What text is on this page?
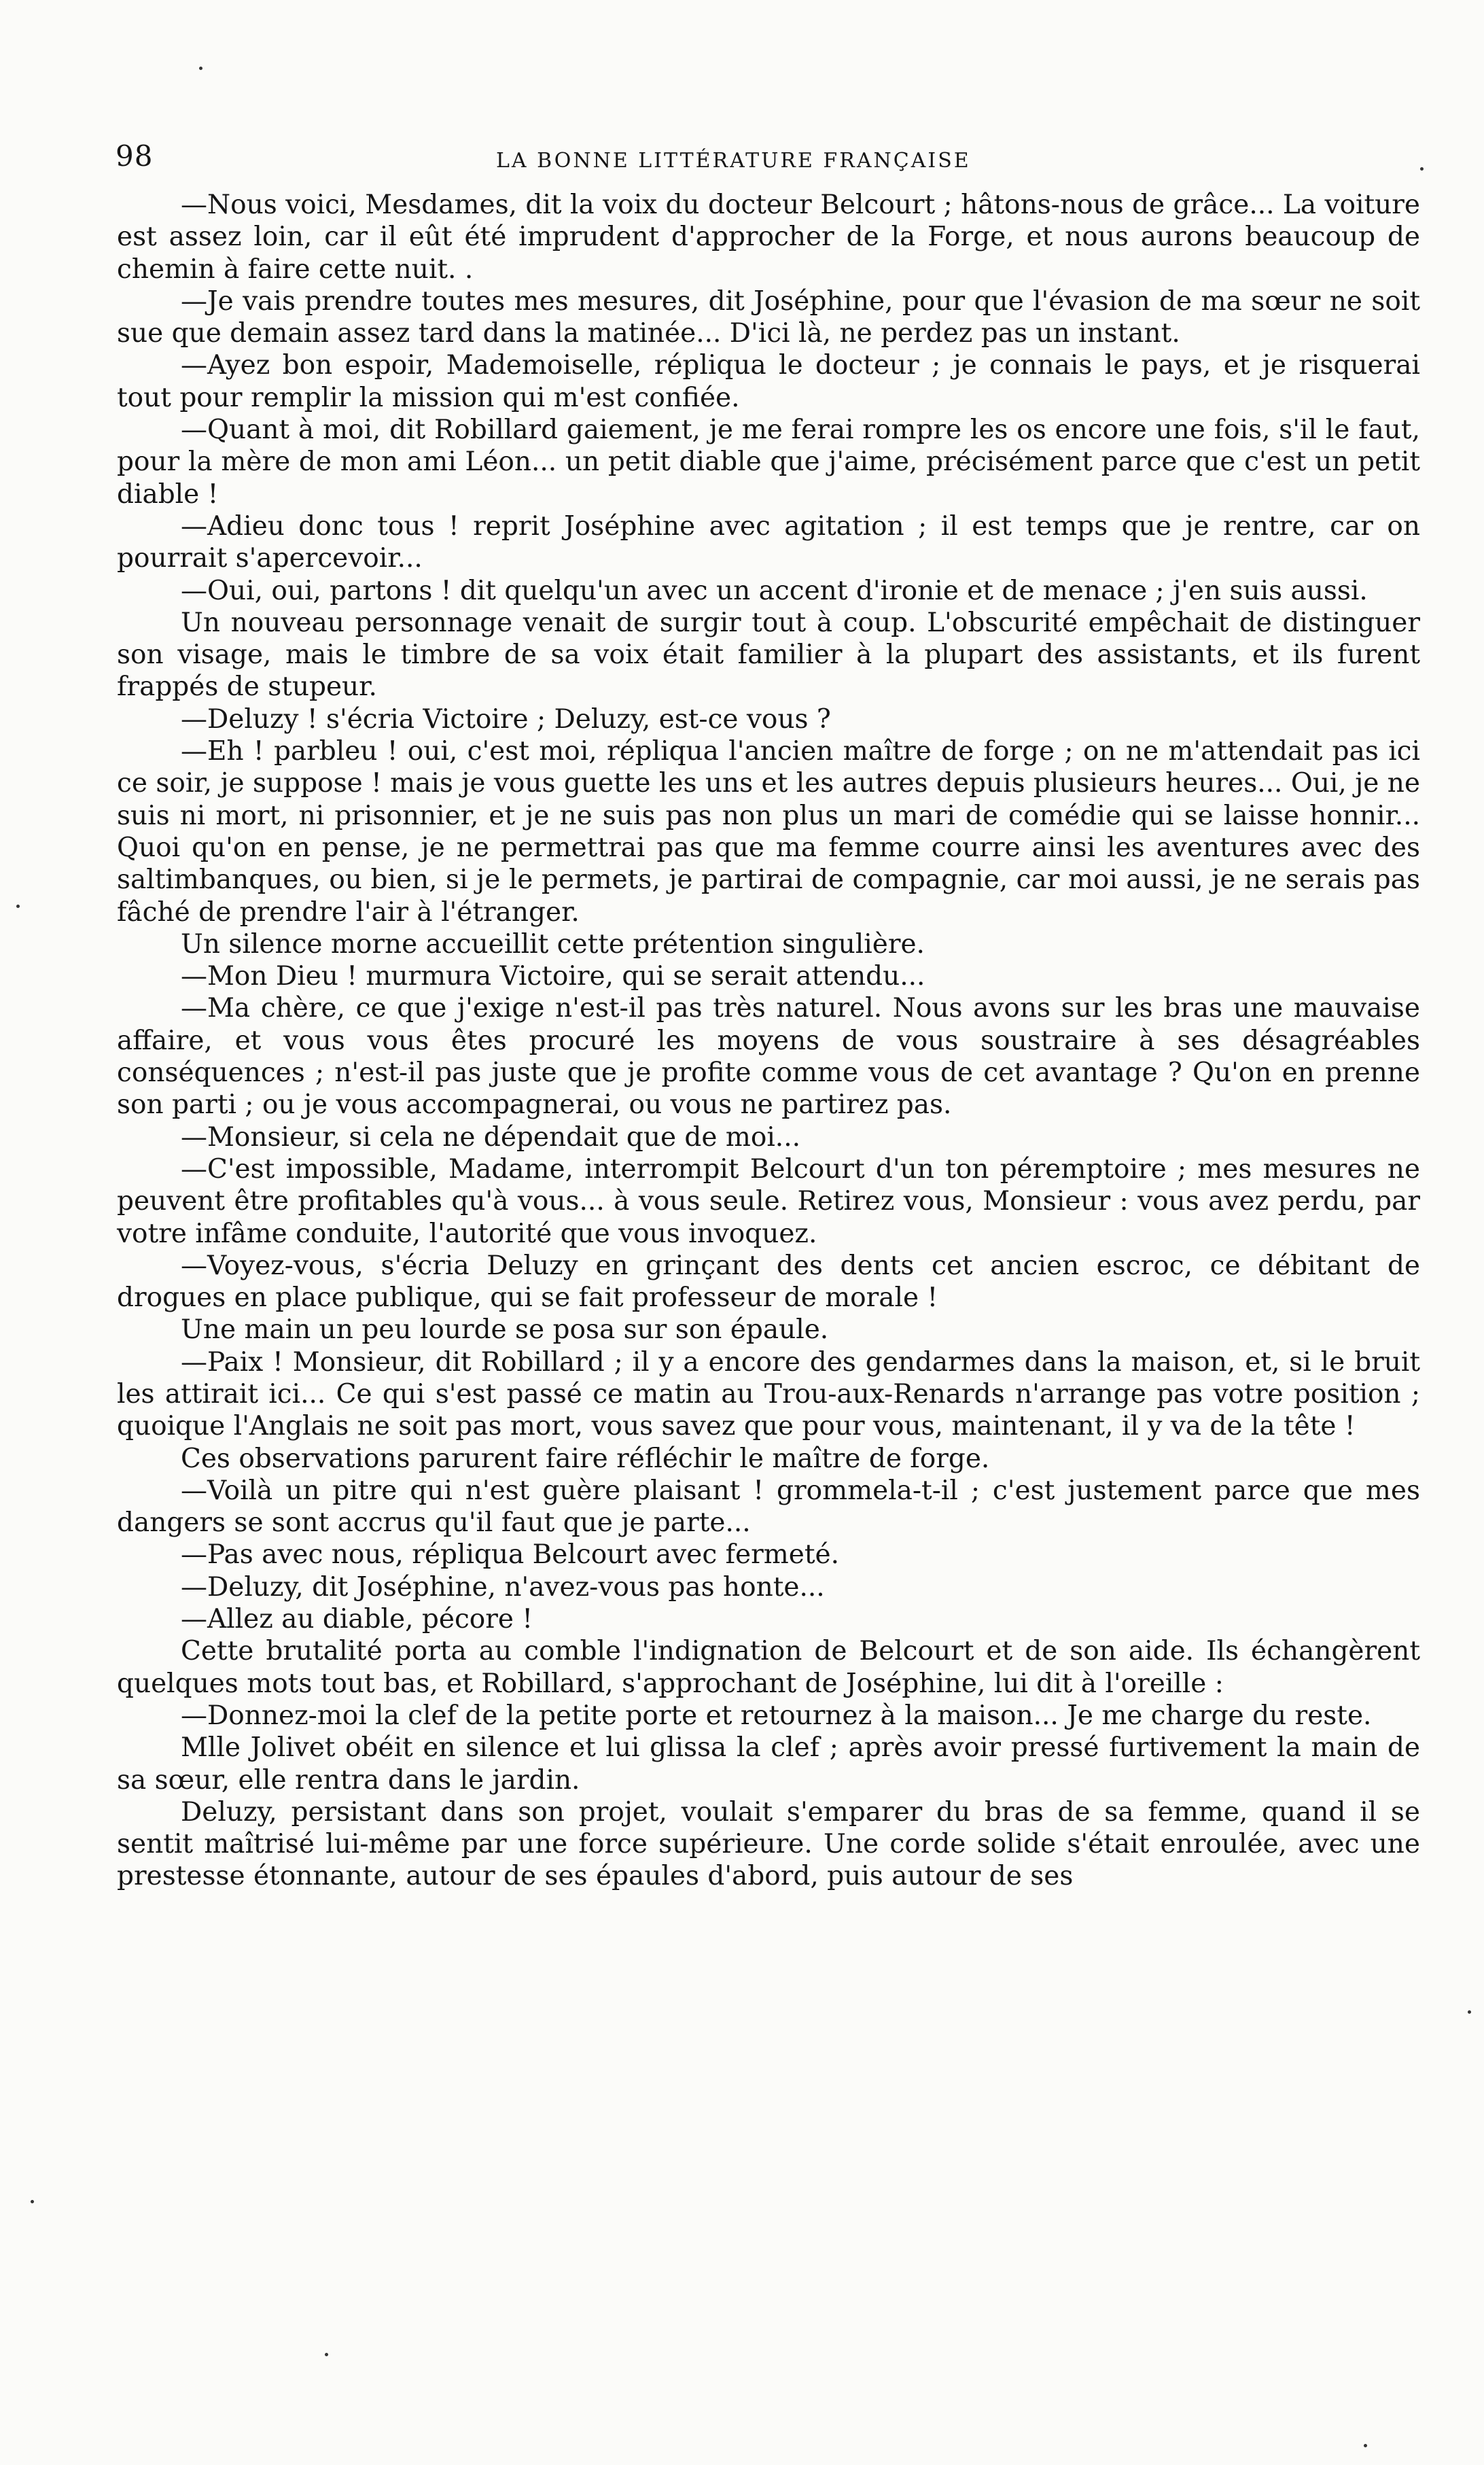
98	LA BONNE LITTÉRATURE FRANÇAISE

—Nous voici, Mesdames, dit la voix du docteur Belcourt ; hâtons-nous de grâce... La voiture est assez loin, car il eût été imprudent d'approcher de la Forge, et nous aurons beaucoup de chemin à faire cette nuit. .

—Je vais prendre toutes mes mesures, dit Joséphine, pour que l'évasion de ma sœur ne soit sue que demain assez tard dans la matinée... D'ici là, ne perdez pas un instant.

—Ayez bon espoir, Mademoiselle, répliqua le docteur ; je connais le pays, et je risquerai tout pour remplir la mission qui m'est confiée.

—Quant à moi, dit Robillard gaiement, je me ferai rompre les os encore une fois, s'il le faut, pour la mère de mon ami Léon... un petit diable que j'aime, précisément parce que c'est un petit diable !

—Adieu donc tous ! reprit Joséphine avec agitation ; il est temps que je rentre, car on pourrait s'apercevoir...

—Oui, oui, partons ! dit quelqu'un avec un accent d'ironie et de menace ; j'en suis aussi.

Un nouveau personnage venait de surgir tout à coup. L'obscurité empêchait de distinguer son visage, mais le timbre de sa voix était familier à la plupart des assistants, et ils furent frappés de stupeur.

—Deluzy ! s'écria Victoire ; Deluzy, est-ce vous ?

—Eh ! parbleu ! oui, c'est moi, répliqua l'ancien maître de forge ; on ne m'attendait pas ici ce soir, je suppose ! mais je vous guette les uns et les autres depuis plusieurs heures... Oui, je ne suis ni mort, ni prisonnier, et je ne suis pas non plus un mari de comédie qui se laisse honnir... Quoi qu'on en pense, je ne permettrai pas que ma femme courre ainsi les aventures avec des saltimbanques, ou bien, si je le permets, je partirai de compagnie, car moi aussi, je ne serais pas fâché de prendre l'air à l'étranger.

Un silence morne accueillit cette prétention singulière.

—Mon Dieu ! murmura Victoire, qui se serait attendu...

—Ma chère, ce que j'exige n'est-il pas très naturel. Nous avons sur les bras une mauvaise affaire, et vous vous êtes procuré les moyens de vous soustraire à ses désagréables conséquences ; n'est-il pas juste que je profite comme vous de cet avantage ? Qu'on en prenne son parti ; ou je vous accompagnerai, ou vous ne partirez pas.

—Monsieur, si cela ne dépendait que de moi...

—C'est impossible, Madame, interrompit Belcourt d'un ton péremptoire ; mes mesures ne peuvent être profitables qu'à vous... à vous seule. Retirez vous, Monsieur : vous avez perdu, par votre infâme conduite, l'autorité que vous invoquez.

—Voyez-vous, s'écria Deluzy en grinçant des dents cet ancien escroc, ce débitant de drogues en place publique, qui se fait professeur de morale !

Une main un peu lourde se posa sur son épaule.

—Paix ! Monsieur, dit Robillard ; il y a encore des gendarmes dans la maison, et, si le bruit les attirait ici... Ce qui s'est passé ce matin au Trou-aux-Renards n'arrange pas votre position ; quoique l'Anglais ne soit pas mort, vous savez que pour vous, maintenant, il y va de la tête !

Ces observations parurent faire réfléchir le maître de forge.

—Voilà un pitre qui n'est guère plaisant ! grommela-t-il ; c'est justement parce que mes dangers se sont accrus qu'il faut que je parte...

—Pas avec nous, répliqua Belcourt avec fermeté.

—Deluzy, dit Joséphine, n'avez-vous pas honte...

—Allez au diable, pécore !

Cette brutalité porta au comble l'indignation de Belcourt et de son aide. Ils échangèrent quelques mots tout bas, et Robillard, s'approchant de Joséphine, lui dit à l'oreille :

—Donnez-moi la clef de la petite porte et retournez à la maison... Je me charge du reste.

Mlle Jolivet obéit en silence et lui glissa la clef ; après avoir pressé furtivement la main de sa sœur, elle rentra dans le jardin.

Deluzy, persistant dans son projet, voulait s'emparer du bras de sa femme, quand il se sentit maîtrisé lui-même par une force supérieure. Une corde solide s'était enroulée, avec une prestesse étonnante, autour de ses épaules d'abord, puis autour de ses
